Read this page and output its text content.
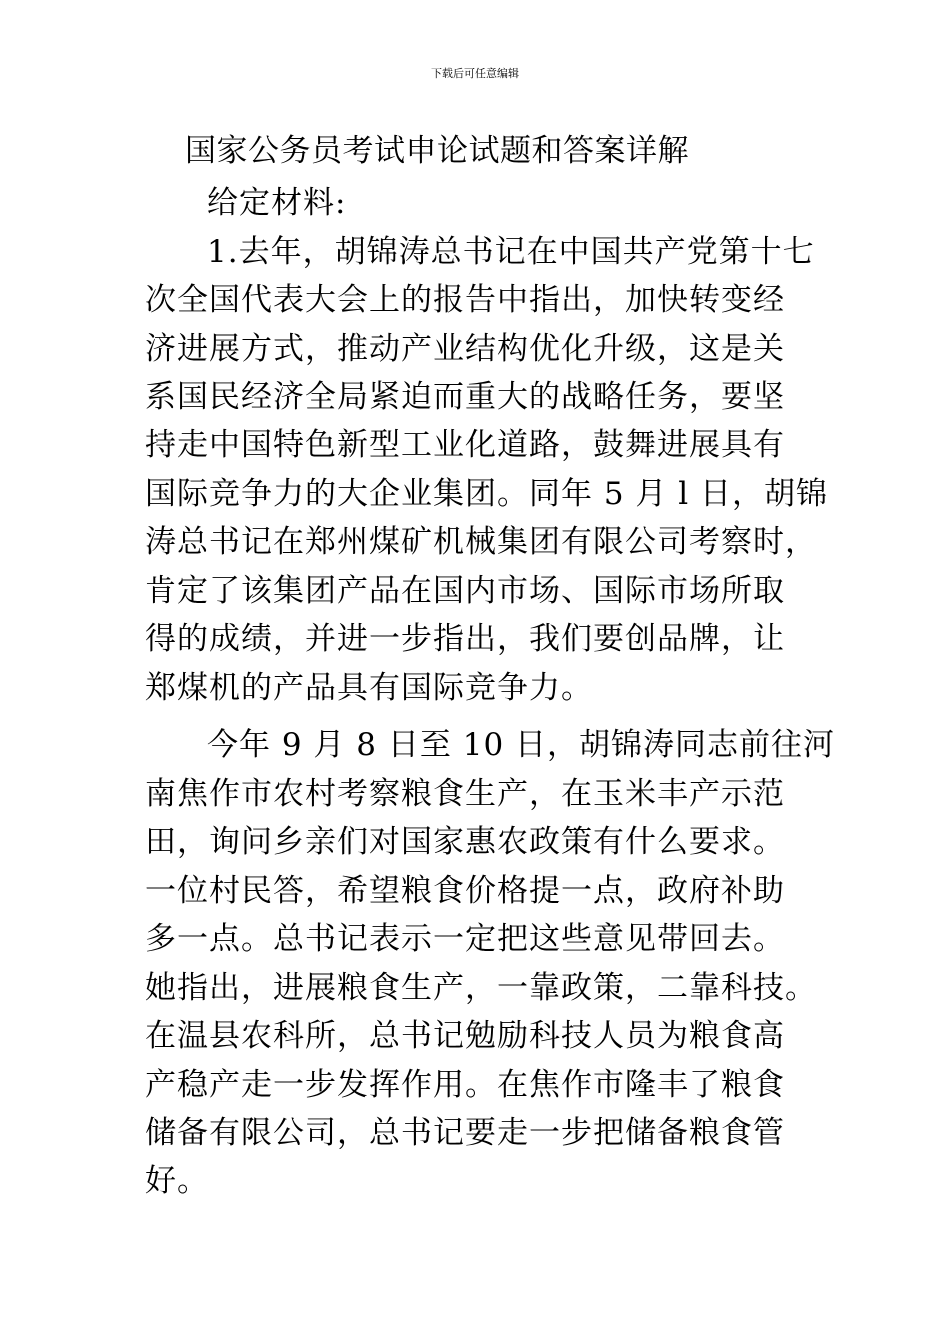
下载后可任意编辑
国家公务员考试申论试题和答案详解
给定材料:
1.去年，胡锦涛总书记在中国共产党第十七
次全国代表大会上的报告中指出，加快转变经
济进展方式，推动产业结构优化升级，这是关
系国民经济全局紧迫而重大的战略任务，要坚
持走中国特色新型工业化道路，鼓舞进展具有
国际竞争力的大企业集团。同年 5 月 l 日，胡锦
涛总书记在郑州煤矿机械集团有限公司考察时，
肯定了该集团产品在国内市场、国际市场所取
得的成绩，并进一步指出，我们要创品牌，让
郑煤机的产品具有国际竞争力。
今年 9 月 8 日至 10 日，胡锦涛同志前往河
南焦作市农村考察粮食生产，在玉米丰产示范
田，询问乡亲们对国家惠农政策有什么要求。
一位村民答，希望粮食价格提一点，政府补助
多一点。总书记表示一定把这些意见带回去。
她指出，进展粮食生产，一靠政策，二靠科技。
在温县农科所，总书记勉励科技人员为粮食高
产稳产走一步发挥作用。在焦作市隆丰了粮食
储备有限公司，总书记要走一步把储备粮食管
好。
